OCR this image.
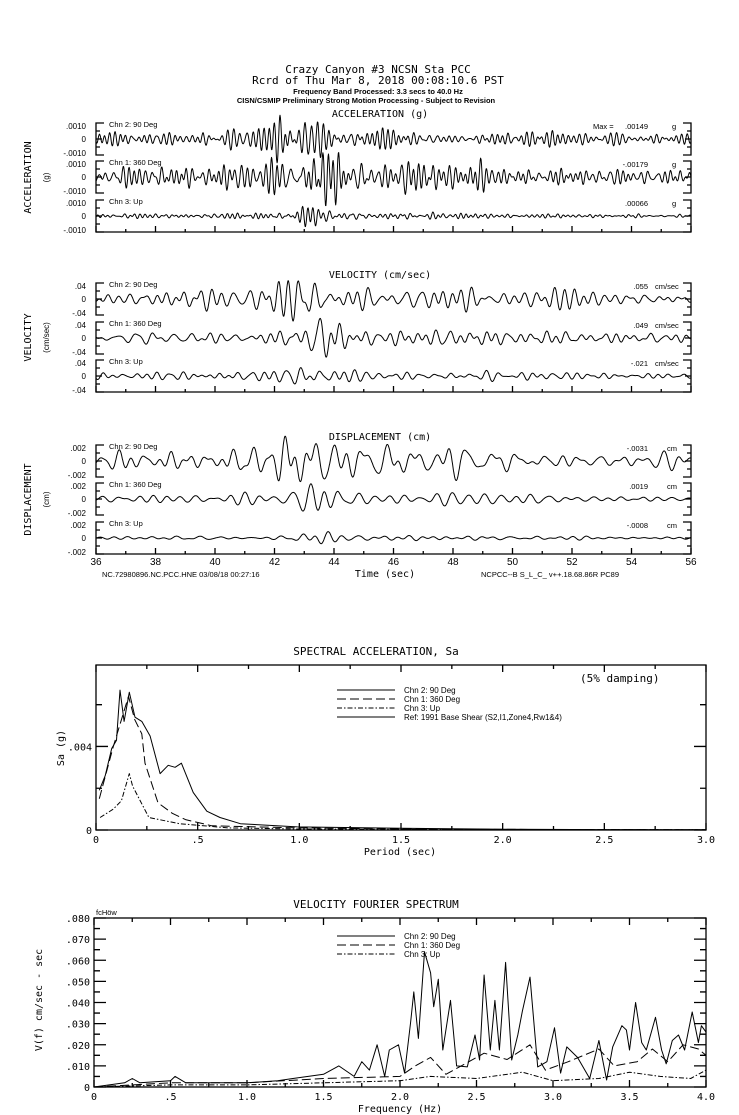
Crazy Canyon #3 NCSN Sta PCC
Rcrd of Thu Mar 8, 2018 00:08:10.6 PST
Frequency Band Processed: 3.3 secs to 40.0 Hz
CISN/CSMIP Preliminary Strong Motion Processing - Subject to Revision
ACCELERATION (g)
ACCELERATION (g)
.0010
0
-.0010
Chn 2: 90 Deg	Max = .00149	g
.0010
0
-.0010
Chn 1: 360 Deg	-.00179	g
.0010
0
-.0010
Chn 3: Up	.00066	g
VELOCITY (cm/sec)
VELOCITY (cm/sec)
.04
0
-.04
Chn 2: 90 Deg	.055 cm/sec
.04
0
-.04
Chn 1: 360 Deg	.049 cm/sec
.04
0
-.04
Chn 3: Up	-.021 cm/sec
DISPLACEMENT (cm)
DISPLACEMENT (cm)
.002
0
-.002
Chn 2: 90 Deg	-.0031	cm
.002
0
-.002
Chn 1: 360 Deg	.0019	cm
.002
0
-.002
Chn 3: Up	-.0008	cm
36	38	40	42	44	46	48	50	52	54	56
Time (sec)
NC.72980896.NC.PCC.HNE 03/08/18 00:27:16	NCPCC--B S_L_C_ v++.18.68.86R PC89
SPECTRAL ACCELERATION, Sa
0	.5	1.0	1.5	2.0	2.5	3.0
0
.004
Period (sec)
Sa (g)
Chn 2: 90 Deg
Chn 1: 360 Deg
Chn 3: Up
Ref: 1991 Base Shear (S2,I1,Zone4,Rw1&4)
(5% damping)
VELOCITY FOURIER SPECTRUM
0	.5	1.0	1.5	2.0	2.5	3.0	3.5	4.0
0
.010
.020
.030
.040
.050
.060
.070
.080
Frequency (Hz)
V(f) cm/sec - sec
Chn 2: 90 Deg
Chn 1: 360 Deg
Chn 3: Up
fcHöw
